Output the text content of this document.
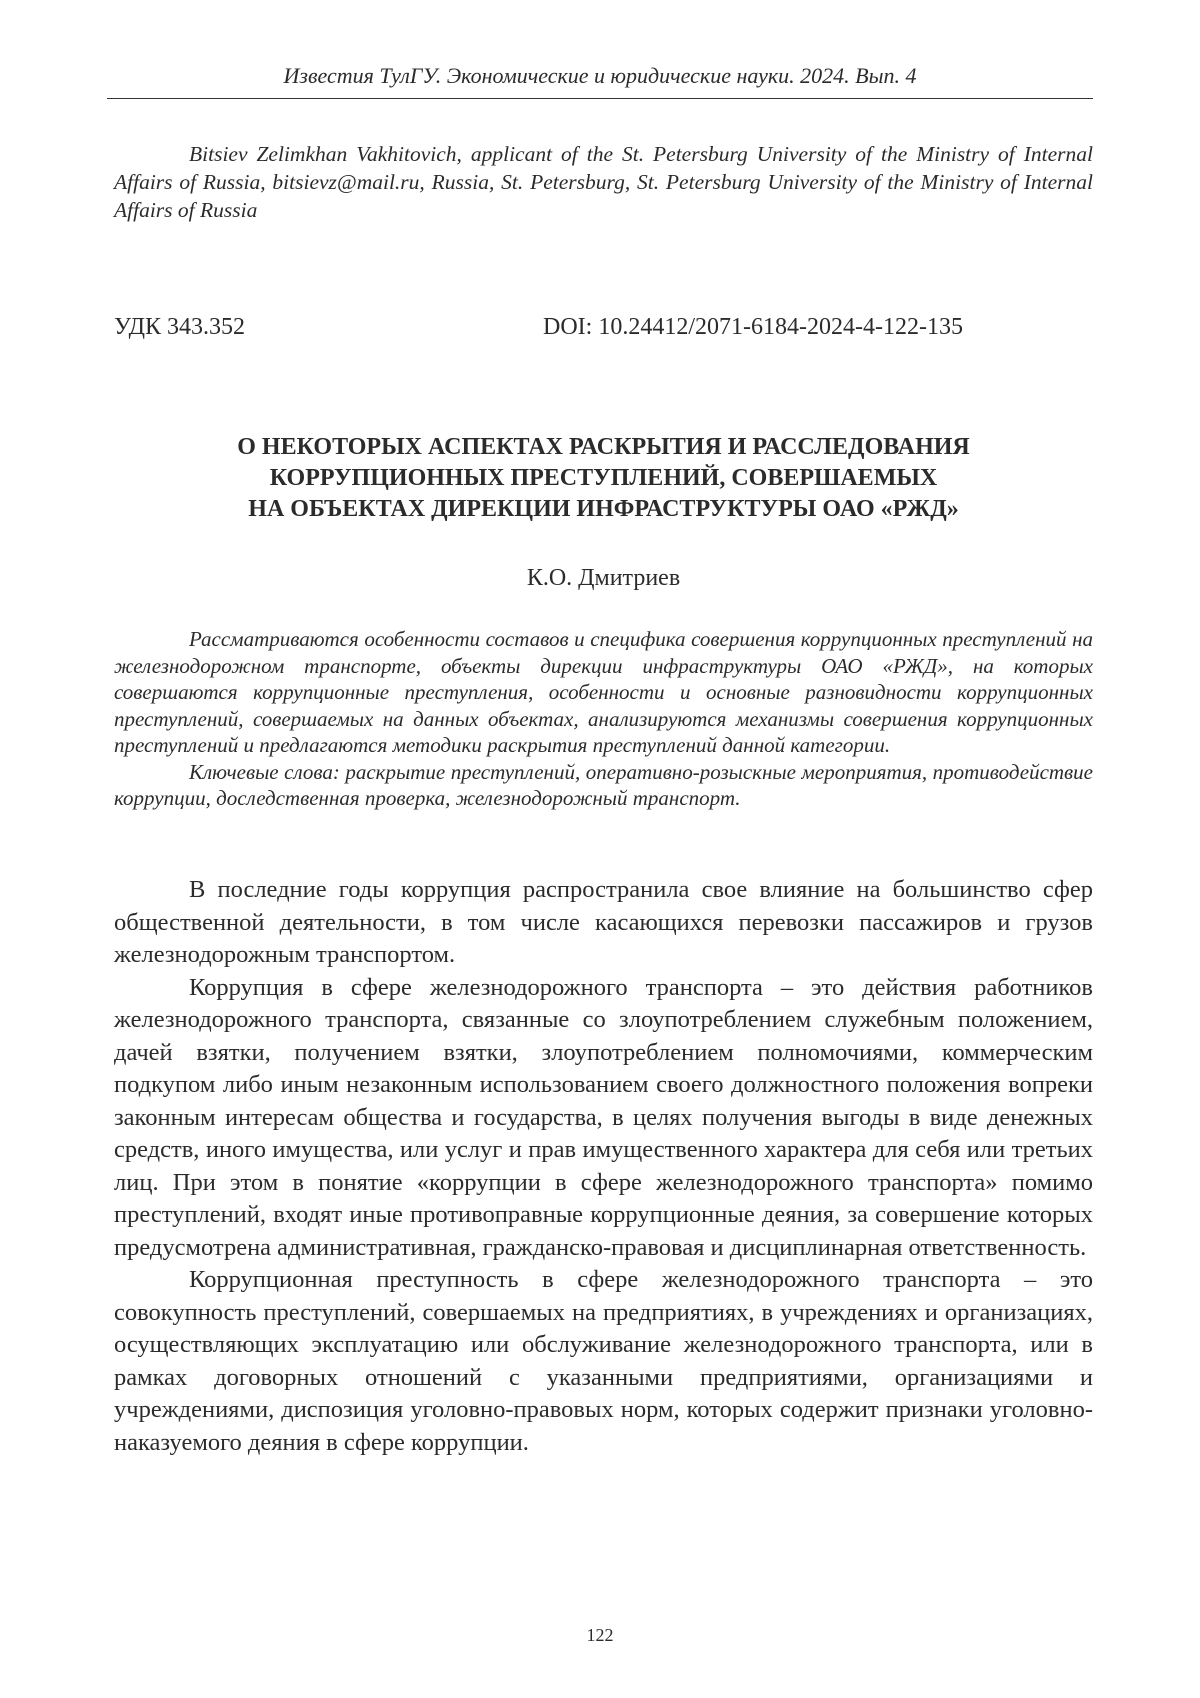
Известия ТулГУ. Экономические и юридические науки. 2024. Вып. 4

Bitsiev Zelimkhan Vakhitovich, applicant of the St. Petersburg University of the Ministry of Internal Affairs of Russia, bitsievz@mail.ru, Russia, St. Petersburg, St. Petersburg University of the Ministry of Internal Affairs of Russia

УДК 343.352	DOI: 10.24412/2071-6184-2024-4-122-135
О НЕКОТОРЫХ АСПЕКТАХ РАСКРЫТИЯ И РАССЛЕДОВАНИЯ
КОРРУПЦИОННЫХ ПРЕСТУПЛЕНИЙ, СОВЕРШАЕМЫХ
НА ОБЪЕКТАХ ДИРЕКЦИИ ИНФРАСТРУКТУРЫ ОАО «РЖД»
К.О. Дмитриев

Рассматриваются особенности составов и специфика совершения коррупционных преступлений на железнодорожном транспорте, объекты дирекции инфраструктуры ОАО «РЖД», на которых совершаются коррупционные преступления, особенности и основные разновидности коррупционных преступлений, совершаемых на данных объектах, анализируются механизмы совершения коррупционных преступлений и предлагаются методики раскрытия преступлений данной категории.

Ключевые слова: раскрытие преступлений, оперативно-розыскные мероприятия, противодействие коррупции, доследственная проверка, железнодорожный транспорт.

В последние годы коррупция распространила свое влияние на большинство сфер общественной деятельности, в том числе касающихся перевозки пассажиров и грузов железнодорожным транспортом.

Коррупция в сфере железнодорожного транспорта – это действия работников железнодорожного транспорта, связанные со злоупотреблением служебным положением, дачей взятки, получением взятки, злоупотреблением полномочиями, коммерческим подкупом либо иным незаконным использованием своего должностного положения вопреки законным интересам общества и государства, в целях получения выгоды в виде денежных средств, иного имущества, или услуг и прав имущественного характера для себя или третьих лиц. При этом в понятие «коррупции в сфере железнодорожного транспорта» помимо преступлений, входят иные противоправные коррупционные деяния, за совершение которых предусмотрена административная, гражданско-правовая и дисциплинарная ответственность.

Коррупционная преступность в сфере железнодорожного транспорта – это совокупность преступлений, совершаемых на предприятиях, в учреждениях и организациях, осуществляющих эксплуатацию или обслуживание железнодорожного транспорта, или в рамках договорных отношений с указанными предприятиями, организациями и учреждениями, диспозиция уголовно-правовых норм, которых содержит признаки уголовно-наказуемого деяния в сфере коррупции.

122
